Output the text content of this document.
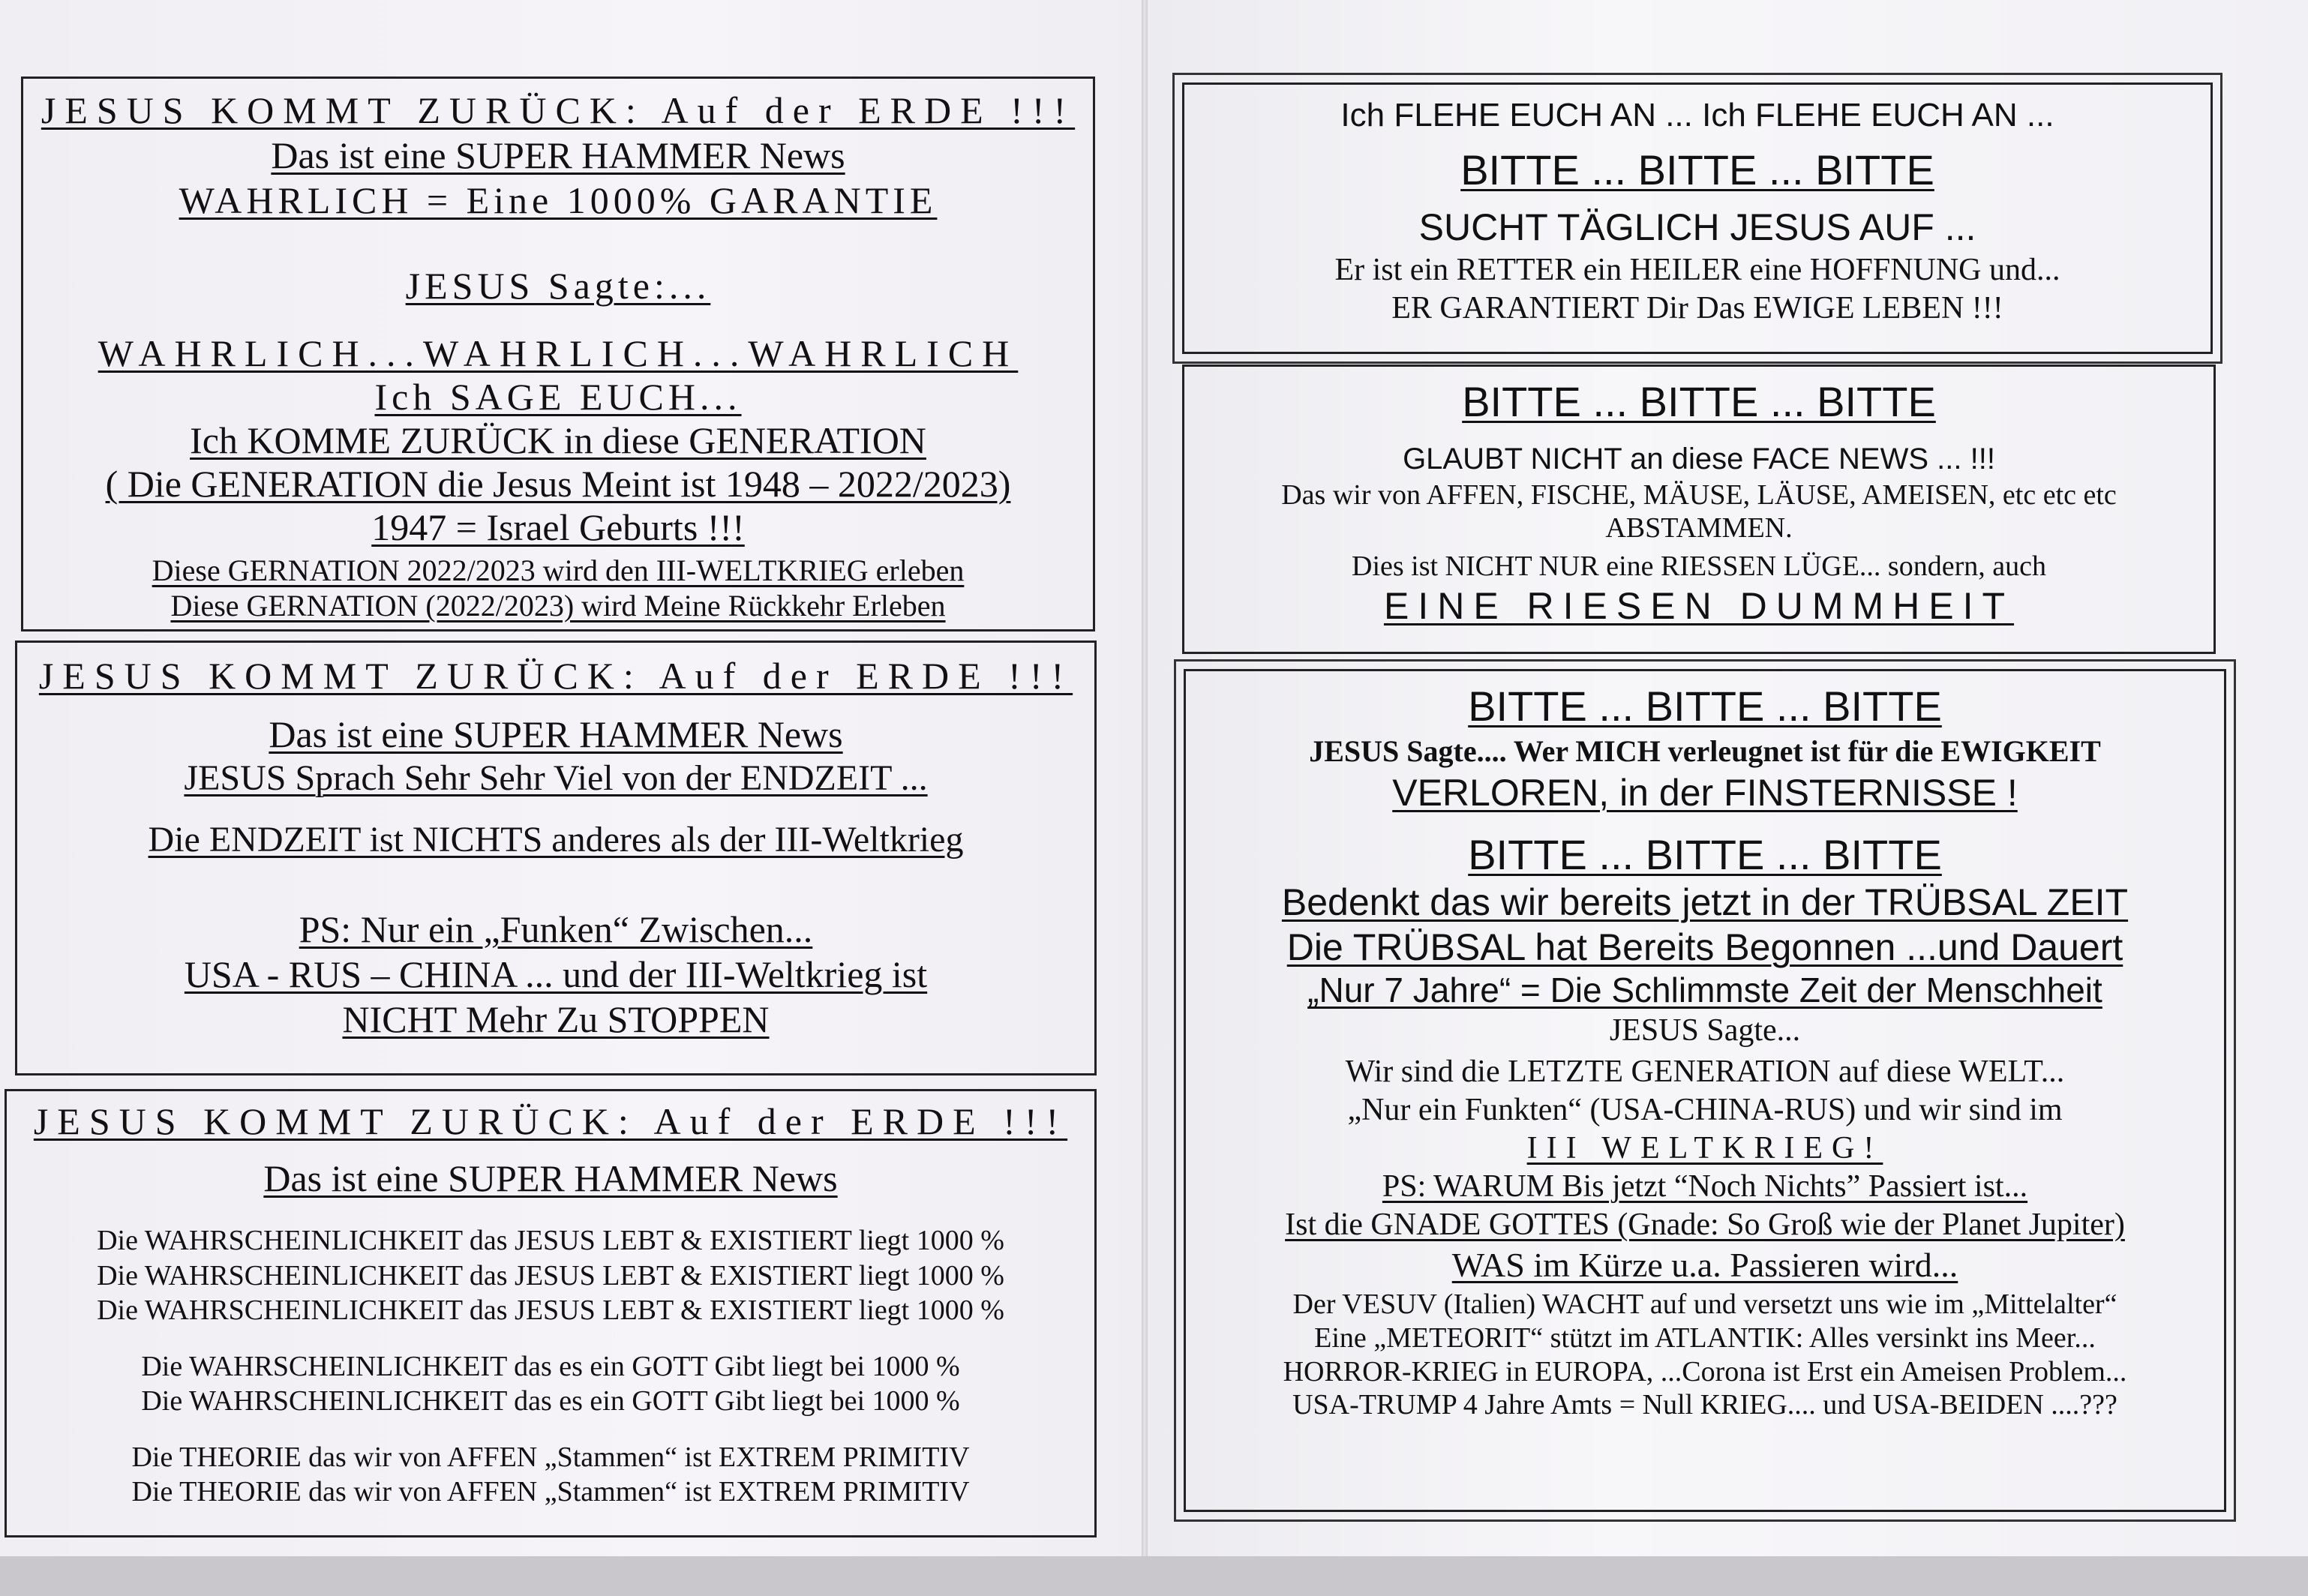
JESUS KOMMT ZURÜCK: Auf der ERDE !!!
Das ist eine SUPER HAMMER News
WAHRLICH = Eine 1000% GARANTIE
JESUS Sagte:...
WAHRLICH...WAHRLICH...WAHRLICH
Ich SAGE EUCH...
Ich KOMME ZURÜCK in diese GENERATION
( Die GENERATION die Jesus Meint ist 1948 – 2022/2023)
1947 = Israel Geburts !!!
Diese GERNATION 2022/2023 wird den III-WELTKRIEG erleben
Diese GERNATION (2022/2023) wird Meine Rückkehr Erleben
JESUS KOMMT ZURÜCK: Auf der ERDE !!!
Das ist eine SUPER HAMMER News
JESUS Sprach Sehr Sehr Viel von der ENDZEIT ...
Die ENDZEIT ist NICHTS anderes als der III-Weltkrieg
PS: Nur ein „Funken“ Zwischen...
USA - RUS – CHINA ... und der III-Weltkrieg ist
NICHT Mehr Zu STOPPEN
JESUS KOMMT ZURÜCK: Auf der ERDE !!!
Das ist eine SUPER HAMMER News
Die WAHRSCHEINLICHKEIT das JESUS LEBT & EXISTIERT liegt 1000 %
Die WAHRSCHEINLICHKEIT das JESUS LEBT & EXISTIERT liegt 1000 %
Die WAHRSCHEINLICHKEIT das JESUS LEBT & EXISTIERT liegt 1000 %
Die WAHRSCHEINLICHKEIT das es ein GOTT Gibt liegt bei 1000 %
Die WAHRSCHEINLICHKEIT das es ein GOTT Gibt liegt bei 1000 %
Die THEORIE das wir von AFFEN „Stammen“ ist EXTREM PRIMITIV
Die THEORIE das wir von AFFEN „Stammen“ ist EXTREM PRIMITIV
Ich FLEHE EUCH AN ... Ich FLEHE EUCH AN ...
BITTE ... BITTE ... BITTE
SUCHT TÄGLICH JESUS AUF ...
Er ist ein RETTER ein HEILER eine HOFFNUNG und...
ER GARANTIERT Dir Das EWIGE LEBEN !!!
BITTE ... BITTE ... BITTE
GLAUBT NICHT an diese FACE NEWS ... !!!
Das wir von AFFEN, FISCHE, MÄUSE, LÄUSE, AMEISEN, etc etc etc
ABSTAMMEN.
Dies ist NICHT NUR eine RIESSEN LÜGE... sondern, auch
EINE RIESEN DUMMHEIT
BITTE ... BITTE ... BITTE
JESUS Sagte.... Wer MICH verleugnet ist für die EWIGKEIT
VERLOREN, in der FINSTERNISSE !
BITTE ... BITTE ... BITTE
Bedenkt das wir bereits jetzt in der TRÜBSAL ZEIT
Die TRÜBSAL hat Bereits Begonnen ...und Dauert
„Nur 7 Jahre“ = Die Schlimmste Zeit der Menschheit
JESUS Sagte...
Wir sind die LETZTE GENERATION auf diese WELT...
„Nur ein Funkten“ (USA-CHINA-RUS) und wir sind im
III WELTKRIEG!
PS: WARUM Bis jetzt “Noch Nichts” Passiert ist...
Ist die GNADE GOTTES (Gnade: So Groß wie der Planet Jupiter)
WAS im Kürze u.a. Passieren wird...
Der VESUV (Italien) WACHT auf und versetzt uns wie im „Mittelalter“
Eine „METEORIT“ stützt im ATLANTIK: Alles versinkt ins Meer...
HORROR-KRIEG in EUROPA, ...Corona ist Erst ein Ameisen Problem...
USA-TRUMP 4 Jahre Amts = Null KRIEG.... und USA-BEIDEN ....???
